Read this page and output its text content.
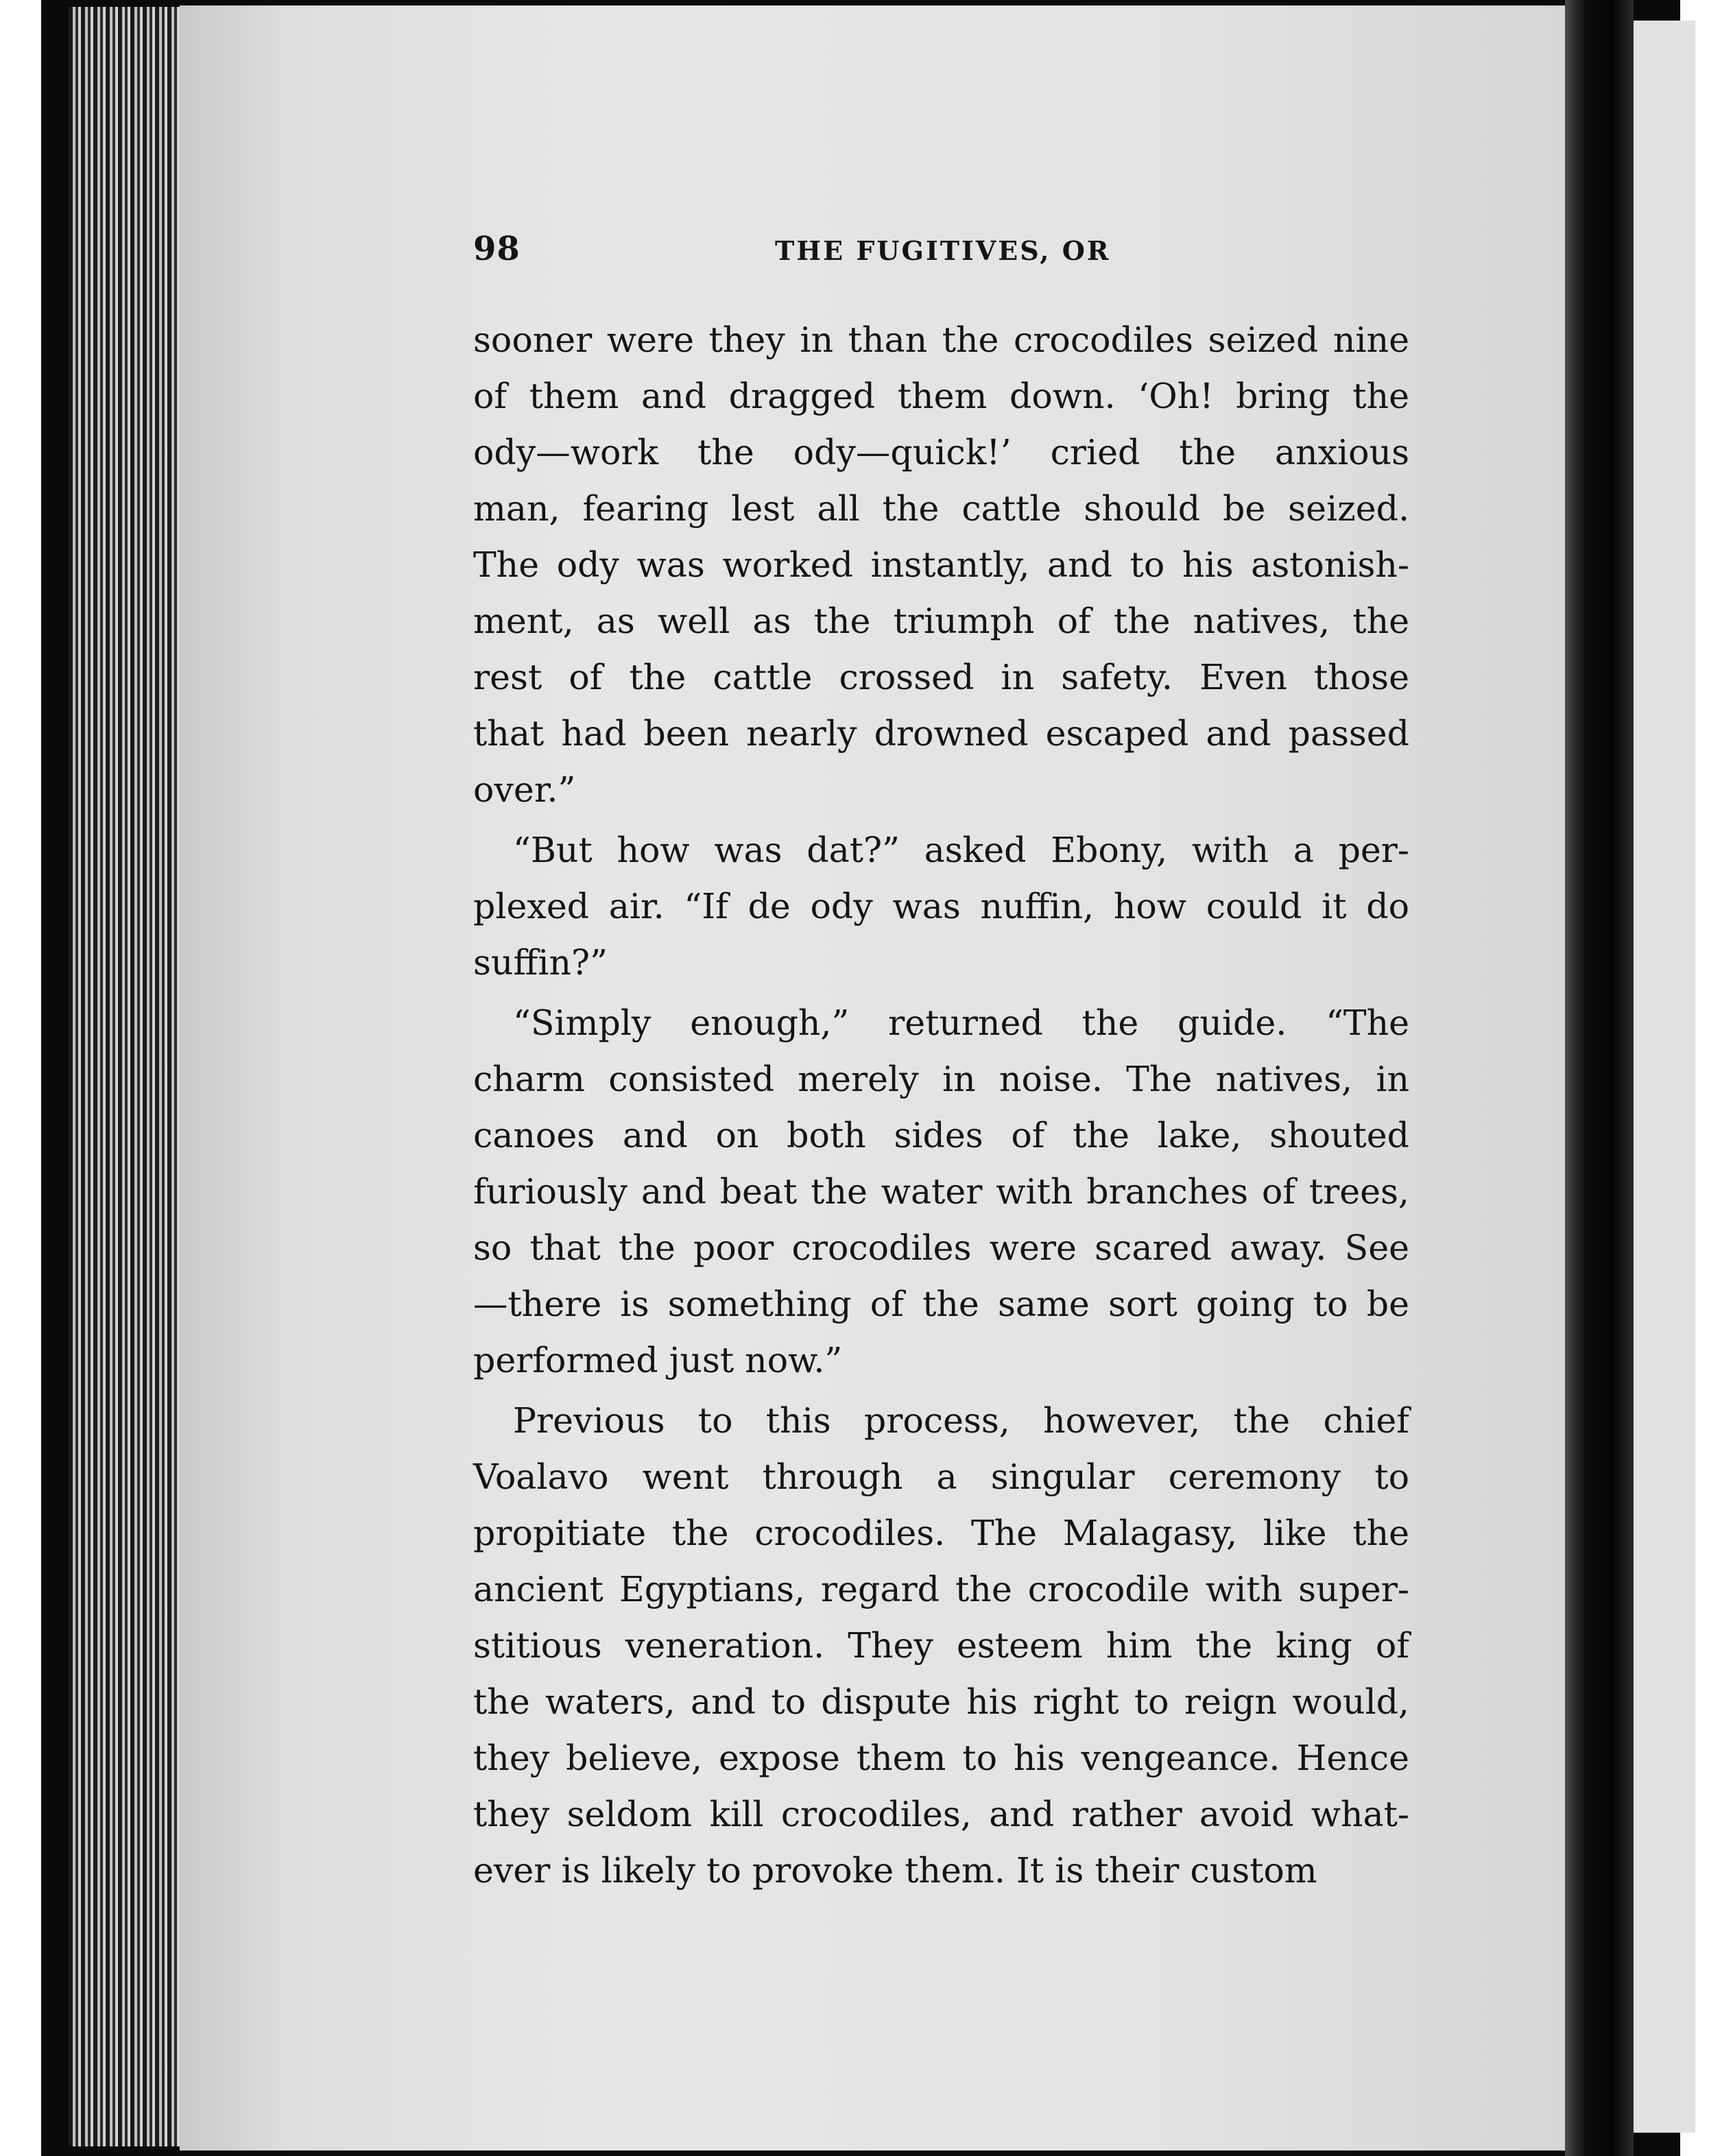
98	THE FUGITIVES, OR
sooner were they in than the crocodiles seized nine
of them and dragged them down. ‘Oh! bring the
ody—work the ody—quick!’ cried the anxious
man, fearing lest all the cattle should be seized.
The ody was worked instantly, and to his astonish-
ment, as well as the triumph of the natives, the
rest of the cattle crossed in safety. Even those
that had been nearly drowned escaped and passed
over.”
“But how was dat?” asked Ebony, with a per-
plexed air. “If de ody was nuffin, how could it do
suffin?”
“Simply enough,” returned the guide. “The
charm consisted merely in noise. The natives, in
canoes and on both sides of the lake, shouted
furiously and beat the water with branches of trees,
so that the poor crocodiles were scared away. See
—there is something of the same sort going to be
performed just now.”
Previous to this process, however, the chief
Voalavo went through a singular ceremony to
propitiate the crocodiles. The Malagasy, like the
ancient Egyptians, regard the crocodile with super-
stitious veneration. They esteem him the king of
the waters, and to dispute his right to reign would,
they believe, expose them to his vengeance. Hence
they seldom kill crocodiles, and rather avoid what-
ever is likely to provoke them. It is their custom
